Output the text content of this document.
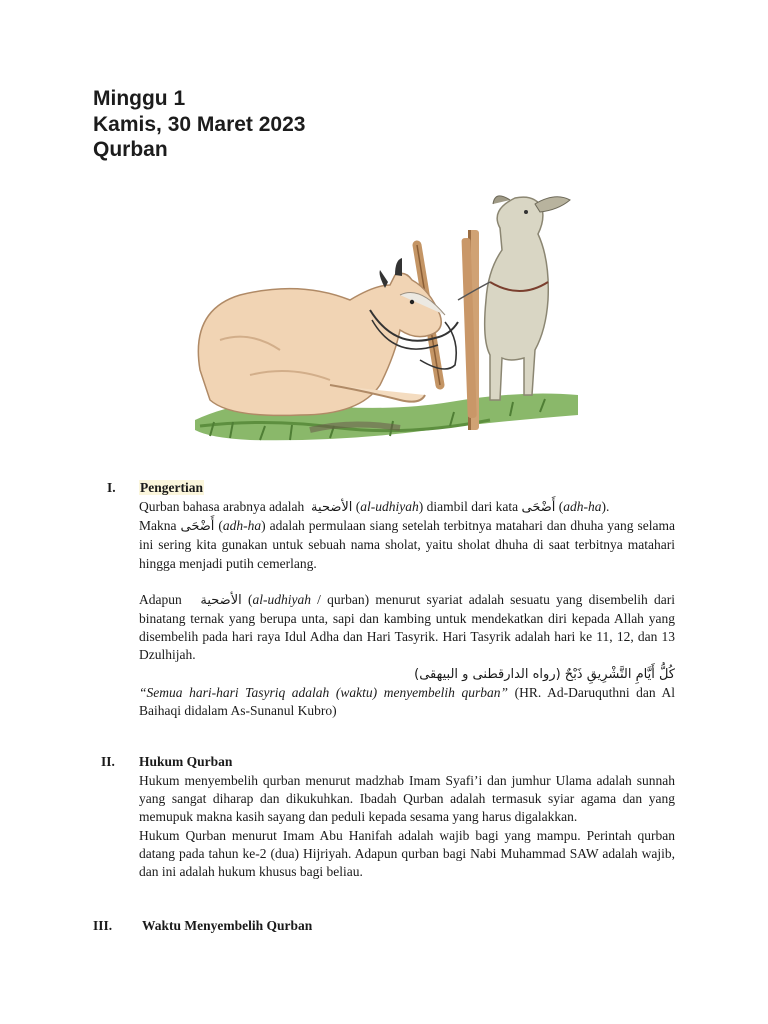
Minggu 1
Kamis, 30 Maret 2023
Qurban
I. Pengertian

Qurban bahasa arabnya adalah الأضحية (al-udhiyah) diambil dari kata أَضْحَى (adh-ha).

Makna أَضْحَى (adh-ha) adalah permulaan siang setelah terbitnya matahari dan dhuha yang selama ini sering kita gunakan untuk sebuah nama sholat, yaitu sholat dhuha di saat terbitnya matahari hingga menjadi putih cemerlang.

Adapun الأضحية (al-udhiyah / qurban) menurut syariat adalah sesuatu yang disembelih dari binatang ternak yang berupa unta, sapi dan kambing untuk mendekatkan diri kepada Allah yang disembelih pada hari raya Idul Adha dan Hari Tasyrik. Hari Tasyrik adalah hari ke 11, 12, dan 13 Dzulhijah.

كُلُّ أَيَّامِ التَّشْرِيقِ ذَبْحٌ (رواه الدارقطنى و البيهقى)

“Semua hari-hari Tasyriq adalah (waktu) menyembelih qurban” (HR. Ad-Daruquthni dan Al Baihaqi didalam As-Sunanul Kubro)

II. Hukum Qurban

Hukum menyembelih qurban menurut madzhab Imam Syafi’i dan jumhur Ulama adalah sunnah yang sangat diharap dan dikukuhkan. Ibadah Qurban adalah termasuk syiar agama dan yang memupuk makna kasih sayang dan peduli kepada sesama yang harus digalakkan.

Hukum Qurban menurut Imam Abu Hanifah adalah wajib bagi yang mampu. Perintah qurban datang pada tahun ke-2 (dua) Hijriyah. Adapun qurban bagi Nabi Muhammad SAW adalah wajib, dan ini adalah hukum khusus bagi beliau.

III. Waktu Menyembelih Qurban
